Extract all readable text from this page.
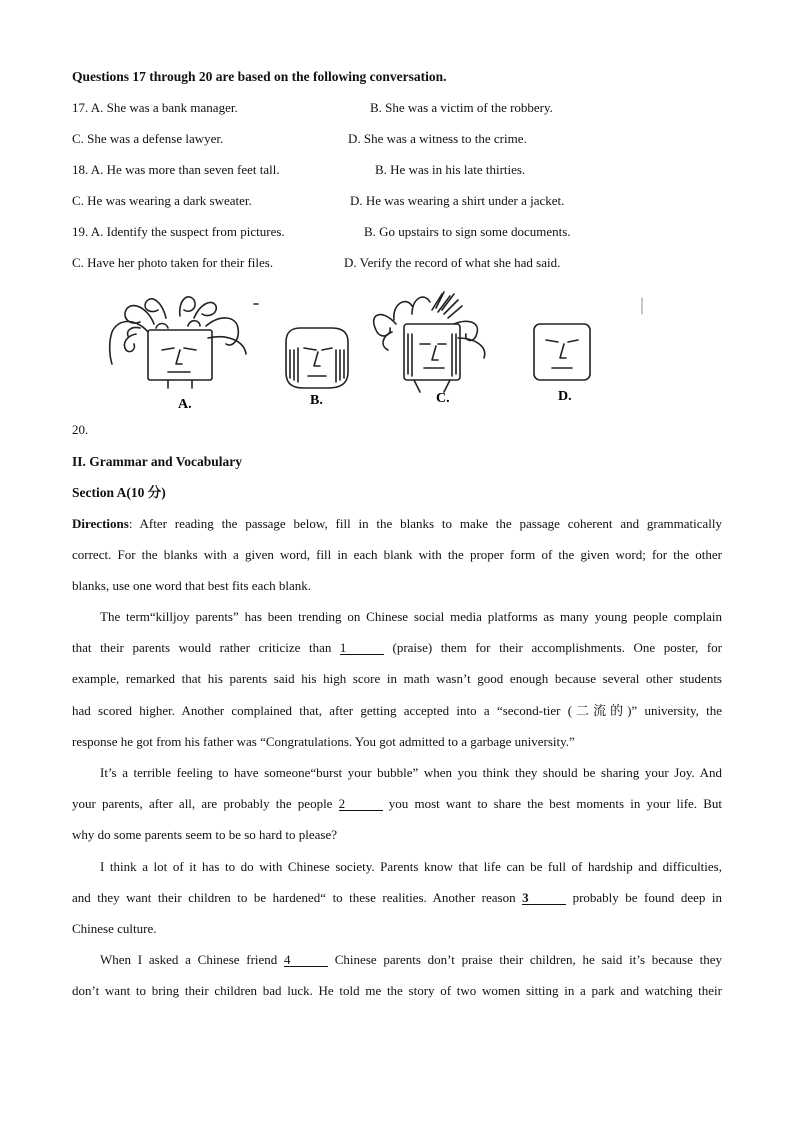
Questions 17 through 20 are based on the following conversation.
17. A. She was a bank manager.	B. She was a victim of the robbery.
C. She was a defense lawyer.	D. She was a witness to the crime.
18. A. He was more than seven feet tall.	B. He was in his late thirties.
C. He was wearing a dark sweater.	D. He was wearing a shirt under a jacket.
19. A. Identify the suspect from pictures.	B. Go upstairs to sign some documents.
C. Have her photo taken for their files.	D. Verify the record of what she had said.
A.	B.	C.	D.
20.
II. Grammar and Vocabulary
Section A(10 分)
Directions: After reading the passage below, fill in the blanks to make the passage coherent and grammatically
correct. For the blanks with a given word, fill in each blank with the proper form of the given word; for the other
blanks, use one word that best fits each blank.
The term“killjoy parents” has been trending on Chinese social media platforms as many young people complain
that their parents would rather criticize than 1	(praise) them for their accomplishments. One poster, for
example, remarked that his parents said his high score in math wasn’t good enough because several other students
had scored higher. Another complained that, after getting accepted into a “second-tier (二流的)” university, the
response he got from his father was “Congratulations. You got admitted to a garbage university.”
It’s a terrible feeling to have someone“burst your bubble” when you think they should be sharing your Joy. And
your parents, after all, are probably the people 2	you most want to share the best moments in your life. But
why do some parents seem to be so hard to please?
I think a lot of it has to do with Chinese society. Parents know that life can be full of hardship and difficulties,
and they want their children to be hardened“ to these realities. Another reason 3	probably be found deep in
Chinese culture.
When I asked a Chinese friend 4	Chinese parents don’t praise their children, he said it’s because they
don’t want to bring their children bad luck. He told me the story of two women sitting in a park and watching their
